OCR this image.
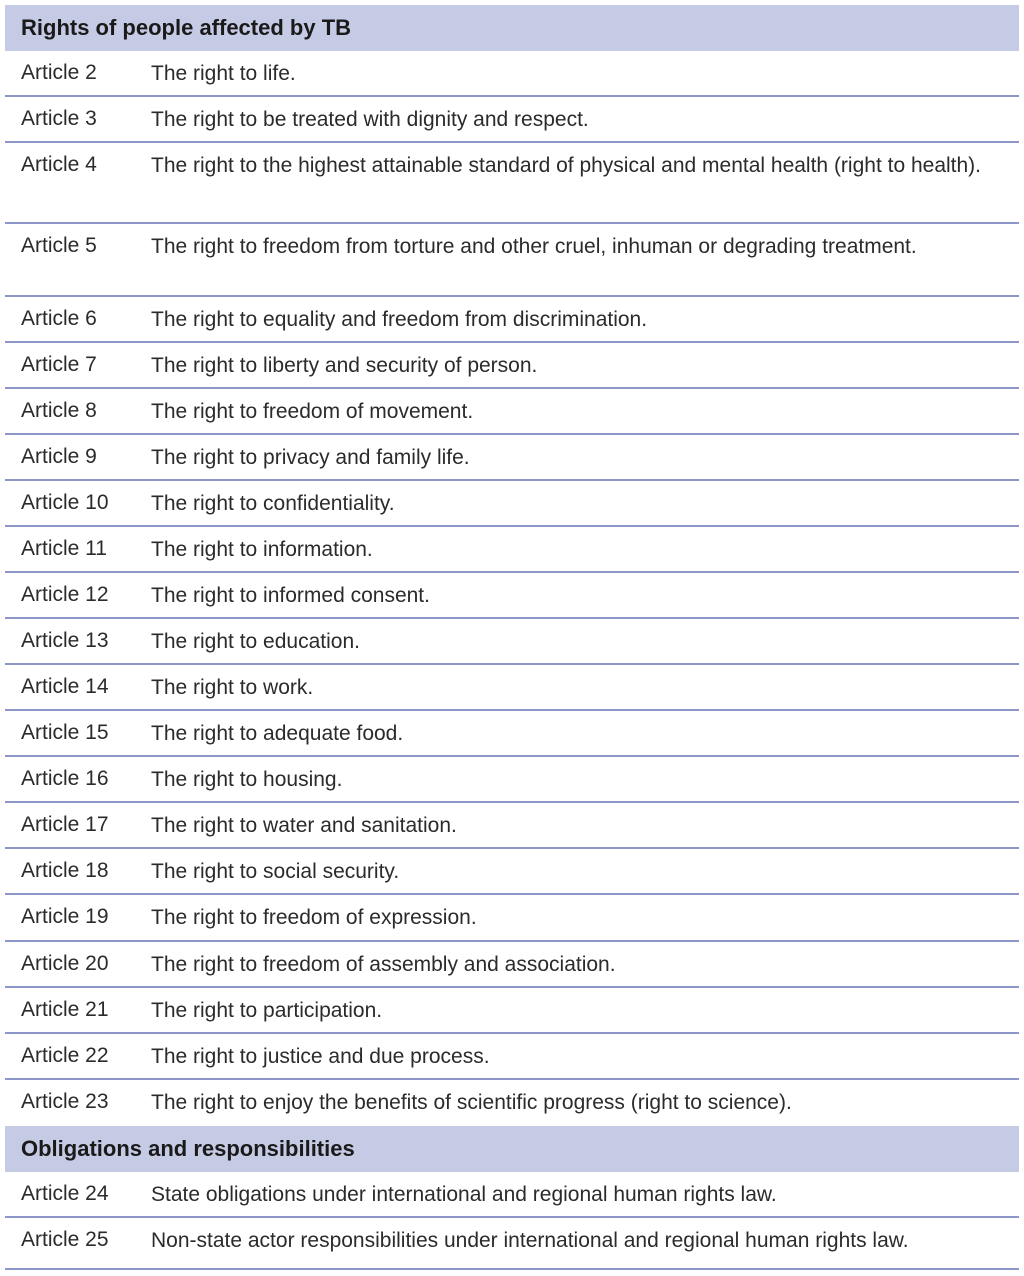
Rights of people affected by TB
Article 2	The right to life.
Article 3	The right to be treated with dignity and respect.
Article 4	The right to the highest attainable standard of physical and mental health (right to health).
Article 5	The right to freedom from torture and other cruel, inhuman or degrading treatment.
Article 6	The right to equality and freedom from discrimination.
Article 7	The right to liberty and security of person.
Article 8	The right to freedom of movement.
Article 9	The right to privacy and family life.
Article 10	The right to confidentiality.
Article 11	The right to information.
Article 12	The right to informed consent.
Article 13	The right to education.
Article 14	The right to work.
Article 15	The right to adequate food.
Article 16	The right to housing.
Article 17	The right to water and sanitation.
Article 18	The right to social security.
Article 19	The right to freedom of expression.
Article 20	The right to freedom of assembly and association.
Article 21	The right to participation.
Article 22	The right to justice and due process.
Article 23	The right to enjoy the benefits of scientific progress (right to science).
Obligations and responsibilities
Article 24	State obligations under international and regional human rights law.
Article 25	Non-state actor responsibilities under international and regional human rights law.
